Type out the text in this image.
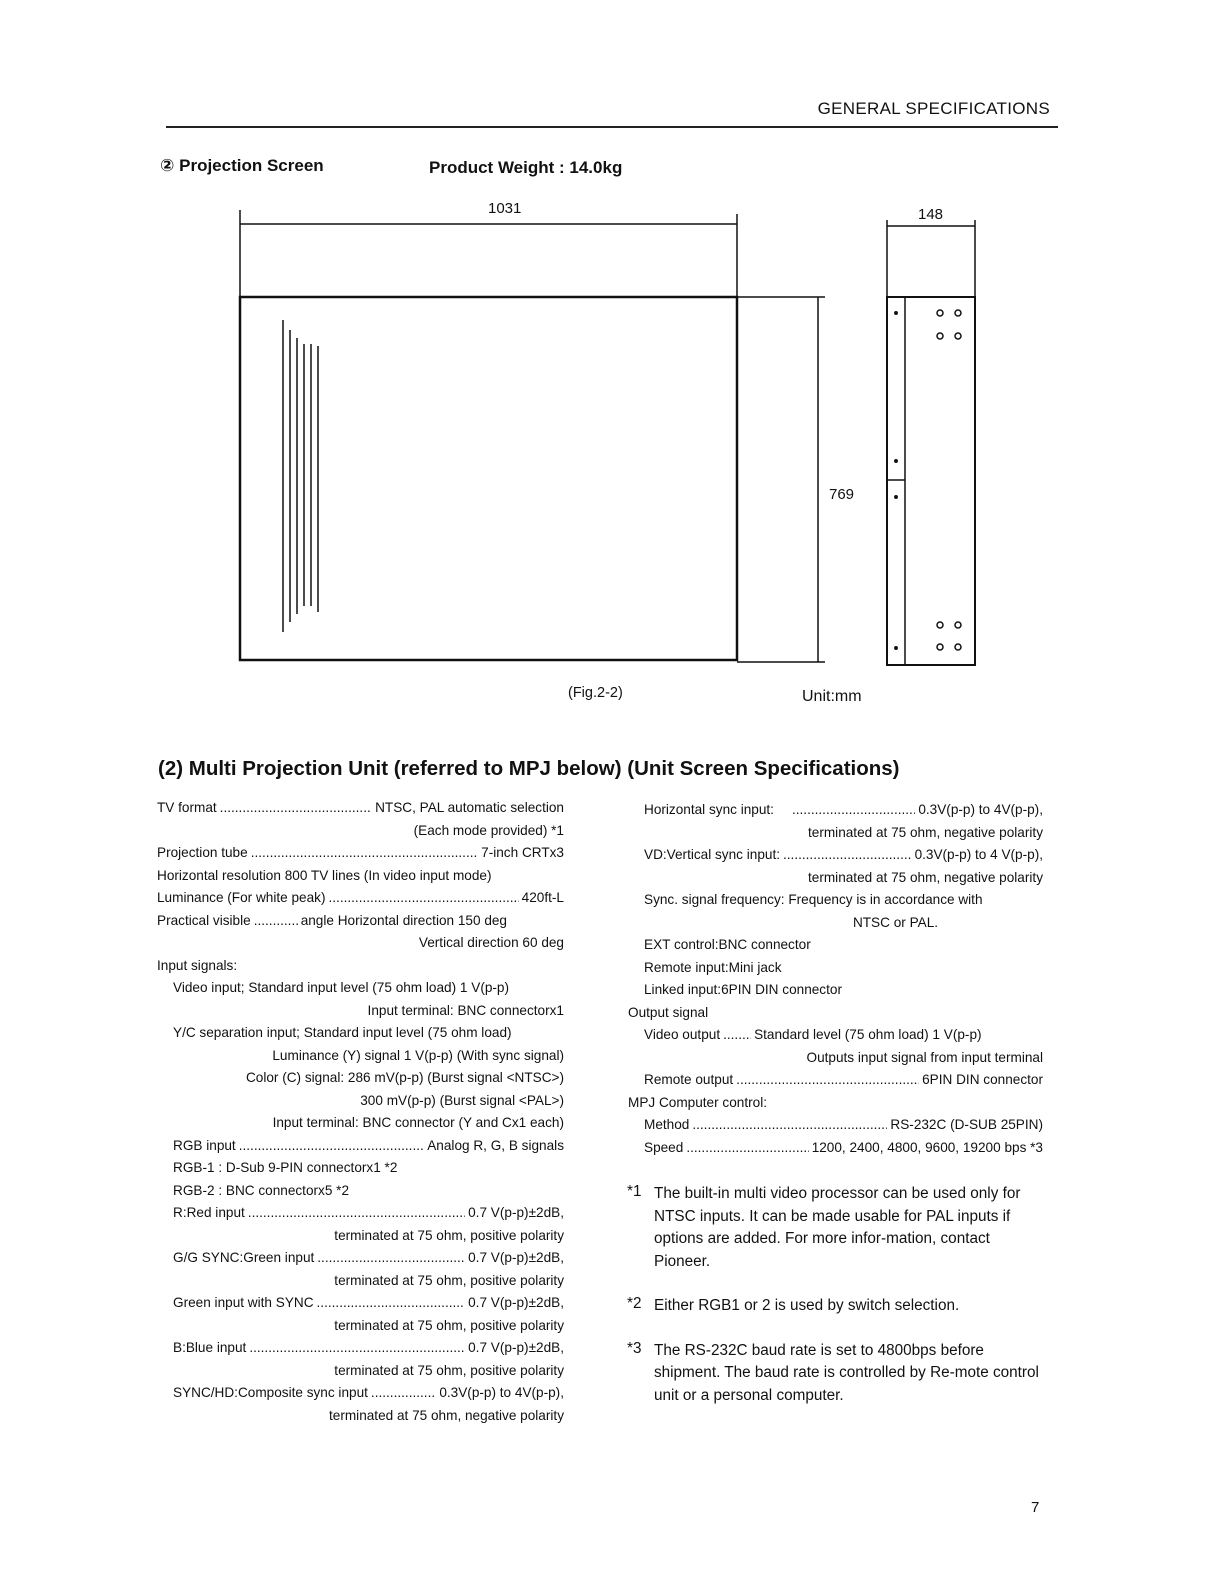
GENERAL SPECIFICATIONS
② Projection Screen	Product Weight : 14.0kg
1031	148
769
(Fig.2-2)	Unit:mm
(2) Multi Projection Unit (referred to MPJ below) (Unit Screen Specifications)
TV format .....	NTSC, PAL automatic selection
(Each mode provided) *1
Projection tube .....	7-inch CRTx3
Horizontal resolution 800 TV lines (In video input mode)
Luminance (For white peak) .....	420ft-L
Practical visible .....	angle Horizontal direction 150 deg
Vertical direction 60 deg
Input signals:
Video input; Standard input level (75 ohm load) 1 V(p-p)
Input terminal: BNC connectorx1
Y/C separation input; Standard input level (75 ohm load)
Luminance (Y) signal 1 V(p-p) (With sync signal)
Color (C) signal: 286 mV(p-p) (Burst signal <NTSC>)
300 mV(p-p) (Burst signal <PAL>)
Input terminal: BNC connector (Y and Cx1 each)
RGB input .....	Analog R, G, B signals
RGB-1 : D-Sub 9-PIN connectorx1 *2
RGB-2 : BNC connectorx5 *2
R:Red input .....	0.7 V(p-p)±2dB,
terminated at 75 ohm, positive polarity
G/G SYNC:Green input .....	0.7 V(p-p)±2dB,
terminated at 75 ohm, positive polarity
Green input with SYNC .....	0.7 V(p-p)±2dB,
terminated at 75 ohm, positive polarity
B:Blue input .....	0.7 V(p-p)±2dB,
terminated at 75 ohm, positive polarity
SYNC/HD:Composite sync input .....	0.3V(p-p) to 4V(p-p),
terminated at 75 ohm, negative polarity
Horizontal sync input: .....	0.3V(p-p) to 4V(p-p),
terminated at 75 ohm, negative polarity
VD:Vertical sync input: .....	0.3V(p-p) to 4 V(p-p),
terminated at 75 ohm, negative polarity
Sync. signal frequency: Frequency is in accordance with
NTSC or PAL.
EXT control:BNC connector
Remote input:Mini jack
Linked input:6PIN DIN connector
Output signal
Video output .....	Standard level (75 ohm load) 1 V(p-p)
Outputs input signal from input terminal
Remote output .....	6PIN DIN connector
MPJ Computer control:
Method .....	RS-232C (D-SUB 25PIN)
Speed .....	1200, 2400, 4800, 9600, 19200 bps *3
*1 The built-in multi video processor can be used only for NTSC inputs. It can be made usable for PAL inputs if options are added. For more infor-mation, contact Pioneer.
*2 Either RGB1 or 2 is used by switch selection.
*3 The RS-232C baud rate is set to 4800bps before shipment. The baud rate is controlled by Re-mote control unit or a personal computer.
7
